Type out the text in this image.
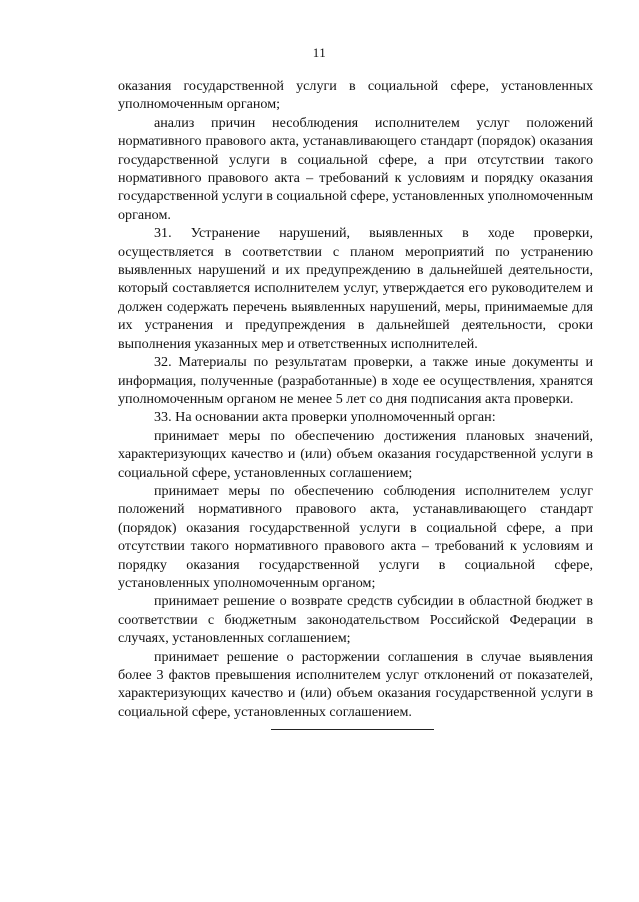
11

оказания государственной услуги в социальной сфере, установленных уполномоченным органом;

анализ причин несоблюдения исполнителем услуг положений нормативного правового акта, устанавливающего стандарт (порядок) оказания государственной услуги в социальной сфере, а при отсутствии такого нормативного правового акта – требований к условиям и порядку оказания государственной услуги в социальной сфере, установленных уполномоченным органом.

31. Устранение нарушений, выявленных в ходе проверки, осуществляется в соответствии с планом мероприятий по устранению выявленных нарушений и их предупреждению в дальнейшей деятельности, который составляется исполнителем услуг, утверждается его руководителем и должен содержать перечень выявленных нарушений, меры, принимаемые для их устранения и предупреждения в дальнейшей деятельности, сроки выполнения указанных мер и ответственных исполнителей.

32. Материалы по результатам проверки, а также иные документы и информация, полученные (разработанные) в ходе ее осуществления, хранятся уполномоченным органом не менее 5 лет со дня подписания акта проверки.

33. На основании акта проверки уполномоченный орган:

принимает меры по обеспечению достижения плановых значений, характеризующих качество и (или) объем оказания государственной услуги в социальной сфере, установленных соглашением;

принимает меры по обеспечению соблюдения исполнителем услуг положений нормативного правового акта, устанавливающего стандарт (порядок) оказания государственной услуги в социальной сфере, а при отсутствии такого нормативного правового акта – требований к условиям и порядку оказания государственной услуги в социальной сфере, установленных уполномоченным органом;

принимает решение о возврате средств субсидии в областной бюджет в соответствии с бюджетным законодательством Российской Федерации в случаях, установленных соглашением;

принимает решение о расторжении соглашения в случае выявления более 3 фактов превышения исполнителем услуг отклонений от показателей, характеризующих качество и (или) объем оказания государственной услуги в социальной сфере, установленных соглашением.
